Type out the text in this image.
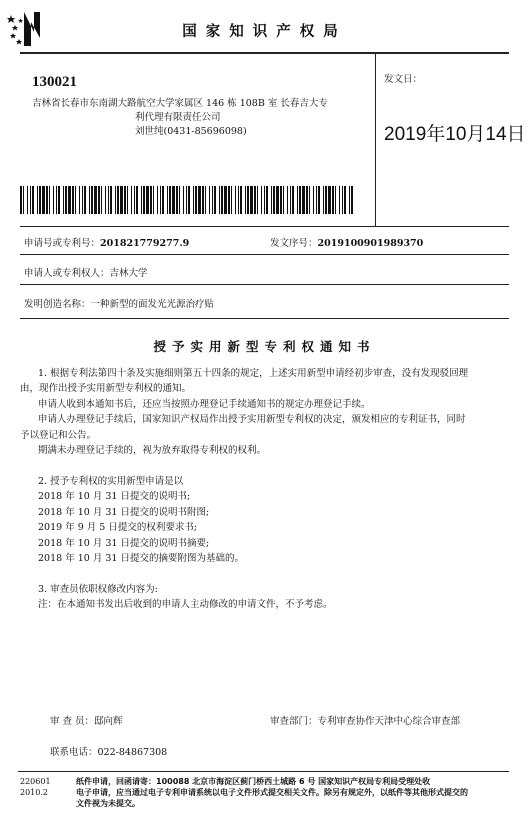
国家知识产权局
130021
吉林省长春市东南湖大路航空大学家属区 146 栋 108B 室 长春吉大专
利代理有限责任公司
刘世纯(0431-85696098)
发文日：
2019年10月14日
申请号或专利号：201821779277.9	发文序号：2019100901989370
申请人或专利权人：吉林大学
发明创造名称：一种新型的面发光光源治疗贴
授予实用新型专利权通知书
1. 根据专利法第四十条及实施细则第五十四条的规定，上述实用新型申请经初步审查，没有发现驳回理
由，现作出授予实用新型专利权的通知。
申请人收到本通知书后，还应当按照办理登记手续通知书的规定办理登记手续。
申请人办理登记手续后，国家知识产权局作出授予实用新型专利权的决定，颁发相应的专利证书，同时
予以登记和公告。
期满未办理登记手续的，视为放弃取得专利权的权利。
2. 授予专利权的实用新型申请是以
2018 年 10 月 31 日提交的说明书;
2018 年 10 月 31 日提交的说明书附图;
2019 年 9 月 5 日提交的权利要求书;
2018 年 10 月 31 日提交的说明书摘要;
2018 年 10 月 31 日提交的摘要附图为基础的。
3. 审查员依职权修改内容为:
注：在本通知书发出后收到的申请人主动修改的申请文件，不予考虑。
审 查 员：邸向辉	审查部门：专利审查协作天津中心综合审查部
联系电话：022-84867308
220601
2010.2
纸件申请，回函请寄：100088 北京市海淀区蓟门桥西土城路 6 号 国家知识产权局专利局受理处收
电子申请，应当通过电子专利申请系统以电子文件形式提交相关文件。除另有规定外，以纸件等其他形式提交的
文件视为未提交。
